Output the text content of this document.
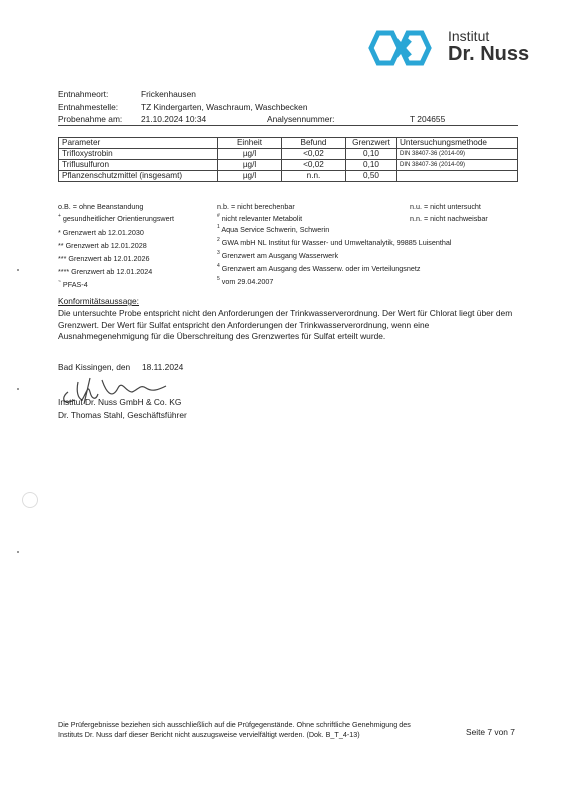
Institut
Dr. Nuss
Entnahmeort:	Frickenhausen
Entnahmestelle:	TZ Kindergarten, Waschraum, Waschbecken
Probenahme am: 21.10.2024 10:34	Analysennummer:	T 204655
Parameter	Einheit	Befund	Grenzwert	Untersuchungsmethode
Trifloxystrobin	µg/l	<0,02	0,10	DIN 38407-36 (2014-09)
Triflusulfuron	µg/l	<0,02	0,10	DIN 38407-36 (2014-09)
Pflanzenschutzmittel (insgesamt)	µg/l	n.n.	0,50	
o.B. = ohne Beanstandung	n.b. = nicht berechenbar	n.u. = nicht untersucht
+ gesundheitlicher Orientierungswert	# nicht relevanter Metabolit	n.n. = nicht nachweisbar
* Grenzwert ab 12.01.2030
$^1$ Aqua Service Schwerin, Schwerin
** Grenzwert ab 12.01.2028
$^2$ GWA mbH NL Institut für Wasser- und Umweltanalytik, 99885 Luisenthal
*** Grenzwert ab 12.01.2026
$^3$ Grenzwert am Ausgang Wasserwerk
**** Grenzwert ab 12.01.2024
$^4$ Grenzwert am Ausgang des Wasserw. oder im Verteilungsnetz
~ PFAS-4
$^5$ vom 29.04.2007
Konformitätsaussage:
Die untersuchte Probe entspricht nicht den Anforderungen der Trinkwasserverordnung. Der Wert für Chlorat liegt über dem Grenzwert. Der Wert für Sulfat entspricht den Anforderungen der Trinkwasserverordnung, wenn eine Ausnahmegenehmigung für die Überschreitung des Grenzwertes für Sulfat erteilt wurde.
Bad Kissingen, den 18.11.2024
Institut Dr. Nuss GmbH & Co. KG
Dr. Thomas Stahl, Geschäftsführer
Die Prüfergebnisse beziehen sich ausschließlich auf die Prüfgegenstände. Ohne schriftliche Genehmigung des Instituts Dr. Nuss darf dieser Bericht nicht auszugsweise vervielfältigt werden. (Dok. B_T_4-13)	Seite 7 von 7
